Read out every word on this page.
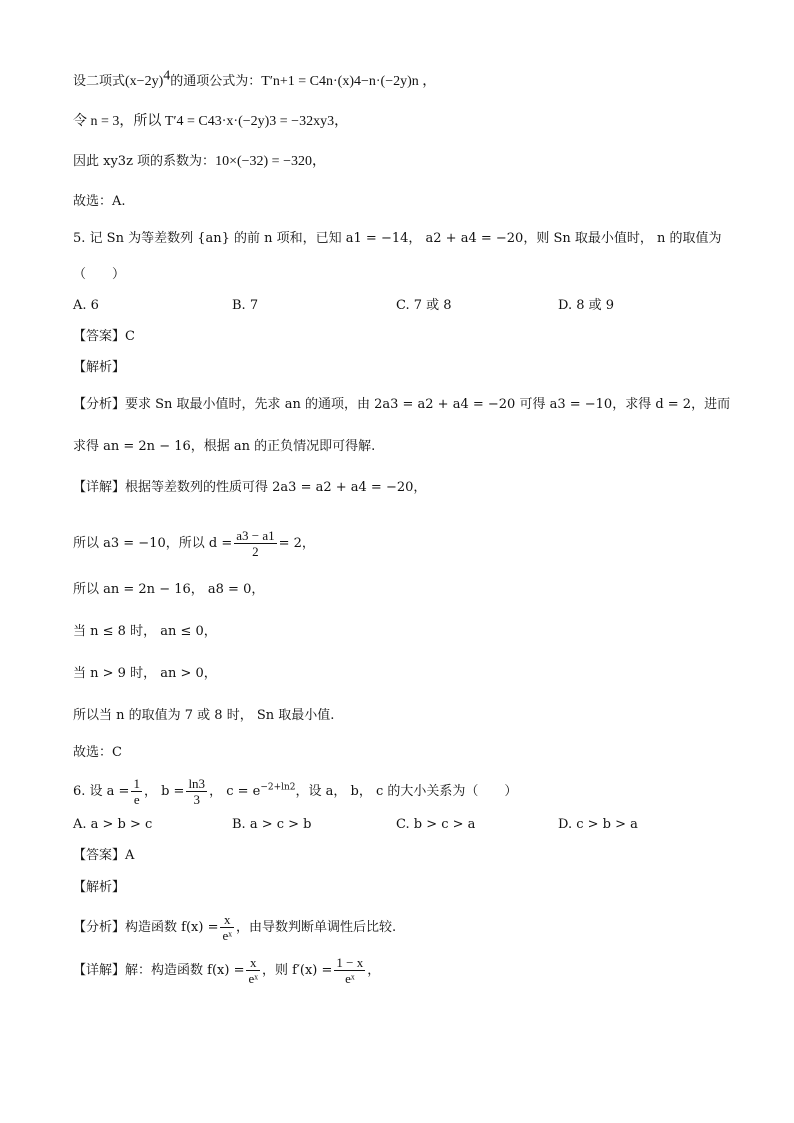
设二项式$(x-2y)^4$的通项公式为：T′n+1 = C4n·(x)4−n·(−2y)n ，
令 n = 3，所以 T′4 = C43·x·(−2y)3 = −32xy3，
因此 xy3z 项的系数为：10×(−32) = −320，
故选：A.
5. 记 Sn 为等差数列 {an} 的前 n 项和，已知 a1 = −14， a2 + a4 = −20，则 Sn 取最小值时， n 的取值为
（　　）
A. 6	B. 7	C. 7 或 8	D. 8 或 9
【答案】C
【解析】
【分析】要求 Sn 取最小值时，先求 an 的通项，由 2a3 = a2 + a4 = −20 可得 a3 = −10，求得 d = 2，进而
求得 an = 2n − 16，根据 an 的正负情况即可得解.
【详解】根据等差数列的性质可得 2a3 = a2 + a4 = −20，
所以 a3 = −10，所以 $d = \frac{a3 - a1}{2} = 2$，
所以 an = 2n − 16， a8 = 0，
当 n ≤ 8 时， an ≤ 0，
当 n > 9 时， an > 0，
所以当 n 的取值为 7 或 8 时， Sn 取最小值.
故选：C
6. 设 $a = \frac{1}{e}$ ， $b = \frac{\ln 3}{3}$ ， $c = e^{-2+ln2}$，设 a， b， c 的大小关系为（　　）
A. a > b > c	B. a > c > b	C. b > c > a	D. c > b > a
【答案】A
【解析】
【分析】构造函数 $f(x) = \frac{x}{\text{eˣ}}$ ，由导数判断单调性后比较.
【详解】解：构造函数 $f(x) = \frac{x}{\text{eˣ}}$ ，则 $f'(x) = \frac{1 - x}{\text{eˣ}}$ ，
